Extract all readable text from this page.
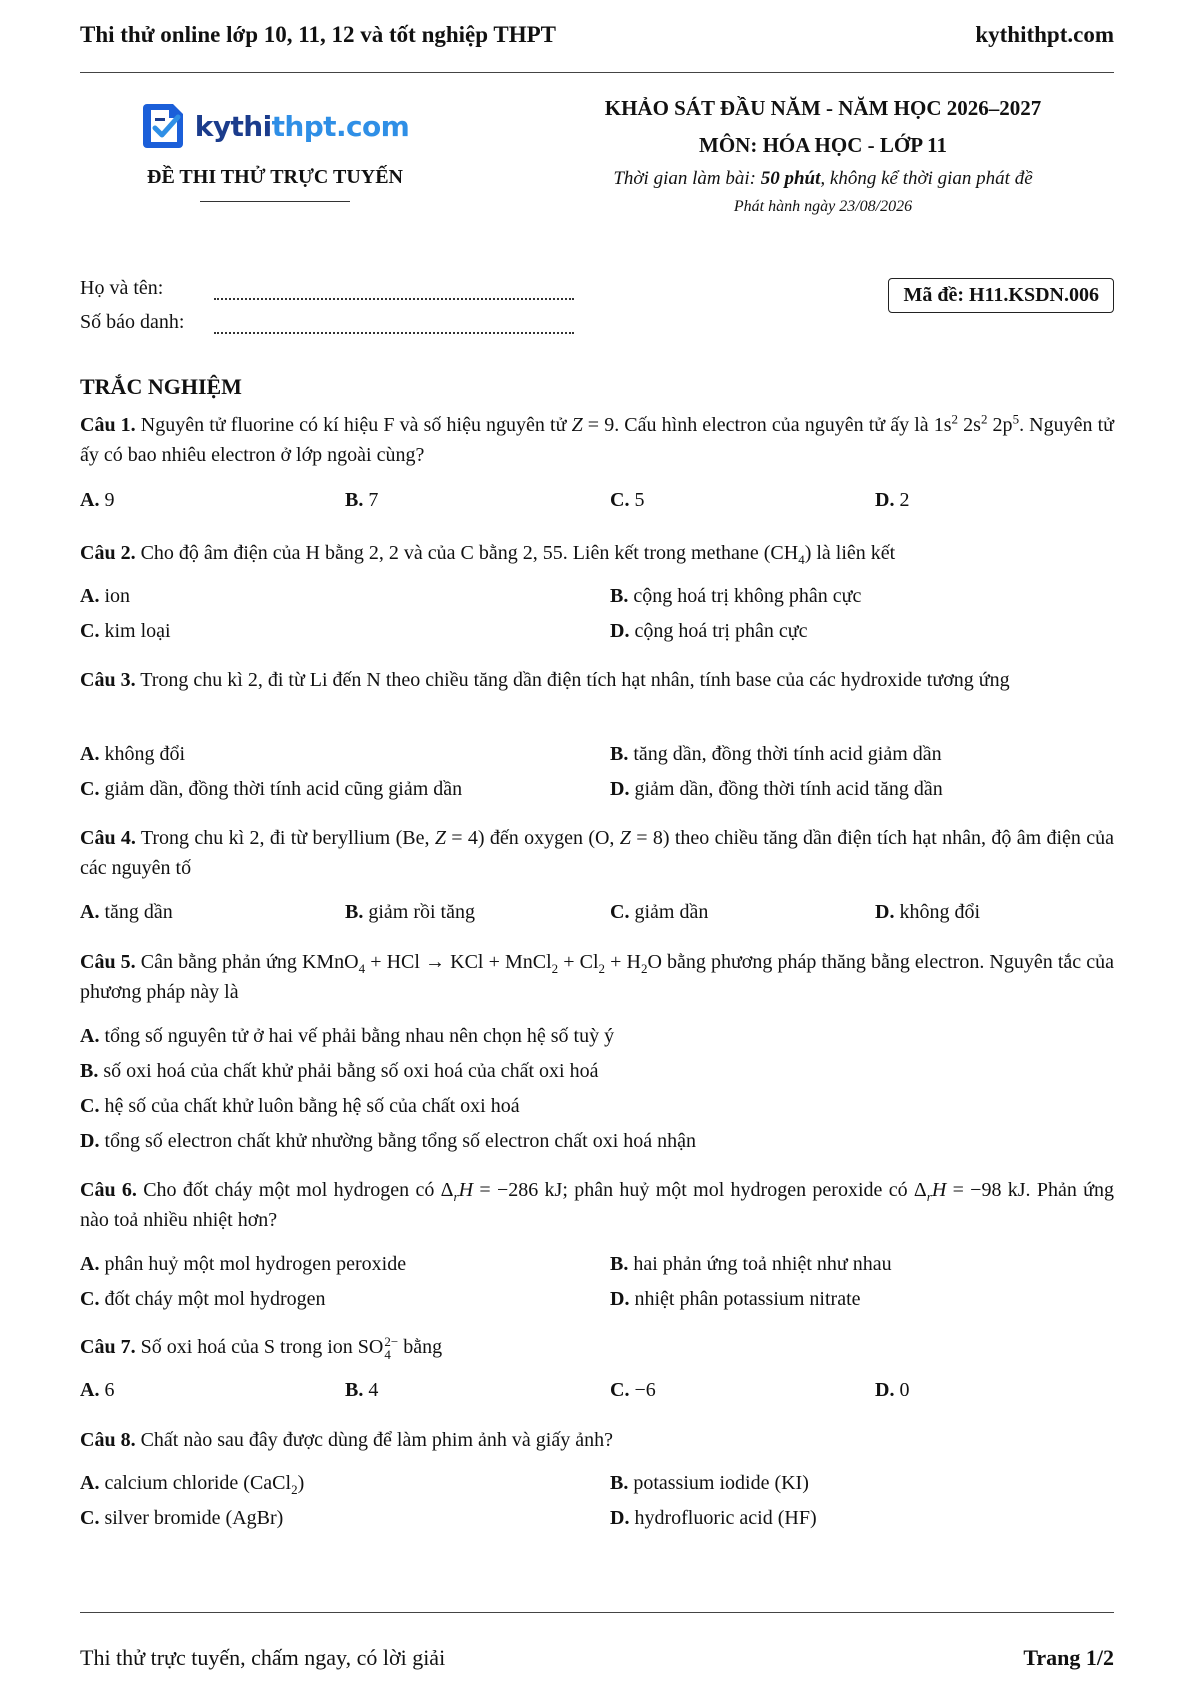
Thi thử online lớp 10, 11, 12 và tốt nghiệp THPT	kythithpt.com
kythithpt.com
ĐỀ THI THỬ TRỰC TUYẾN
KHẢO SÁT ĐẦU NĂM - NĂM HỌC 2026–2027
MÔN: HÓA HỌC - LỚP 11
Thời gian làm bài: 50 phút, không kể thời gian phát đề
Phát hành ngày 23/08/2026
Họ và tên:
Số báo danh:
Mã đề: H11.KSDN.006
TRẮC NGHIỆM
Câu 1. Nguyên tử fluorine có kí hiệu F và số hiệu nguyên tử Z = 9. Cấu hình electron của nguyên tử ấy là $1s^2$ $2s^2$ $2p^5$. Nguyên tử ấy có bao nhiêu electron ở lớp ngoài cùng?
A. 9	B. 7	C. 5	D. 2
Câu 2. Cho độ âm điện của H bằng 2, 2 và của C bằng 2, 55. Liên kết trong methane $(CH_4)$ là liên kết
A. ion	B. cộng hoá trị không phân cực
C. kim loại	D. cộng hoá trị phân cực
Câu 3. Trong chu kì 2, đi từ Li đến N theo chiều tăng dần điện tích hạt nhân, tính base của các hydroxide tương ứng
A. không đổi	B. tăng dần, đồng thời tính acid giảm dần
C. giảm dần, đồng thời tính acid cũng giảm dần	D. giảm dần, đồng thời tính acid tăng dần
Câu 4. Trong chu kì 2, đi từ beryllium (Be, Z = 4) đến oxygen (O, Z = 8) theo chiều tăng dần điện tích hạt nhân, độ âm điện của các nguyên tố
A. tăng dần	B. giảm rồi tăng	C. giảm dần	D. không đổi
Câu 5. Cân bằng phản ứng KMnO$_4$ + HCl → KCl + MnCl$_2$ + $Cl_2 + H_2O$ bằng phương pháp thăng bằng electron. Nguyên tắc của phương pháp này là
A. tổng số nguyên tử ở hai vế phải bằng nhau nên chọn hệ số tuỳ ý
B. số oxi hoá của chất khử phải bằng số oxi hoá của chất oxi hoá
C. hệ số của chất khử luôn bằng hệ số của chất oxi hoá
D. tổng số electron chất khử nhường bằng tổng số electron chất oxi hoá nhận
Câu 6. Cho đốt cháy một mol hydrogen có $\Delta_rH = -286$ kJ; phân huỷ một mol hydrogen peroxide có $\Delta_rH = -98$ kJ. Phản ứng nào toả nhiều nhiệt hơn?
A. phân huỷ một mol hydrogen peroxide	B. hai phản ứng toả nhiệt như nhau
C. đốt cháy một mol hydrogen	D. nhiệt phân potassium nitrate
Câu 7. Số oxi hoá của S trong ion SO 2−
4 bằng
A. 6	B. 4	C. −6	D. 0
Câu 8. Chất nào sau đây được dùng để làm phim ảnh và giấy ảnh?
A. calcium chloride (CaCl$_2$)	B. potassium iodide (KI)
C. silver bromide (AgBr)	D. hydrofluoric acid (HF)
Thi thử trực tuyến, chấm ngay, có lời giải	Trang 1/2
